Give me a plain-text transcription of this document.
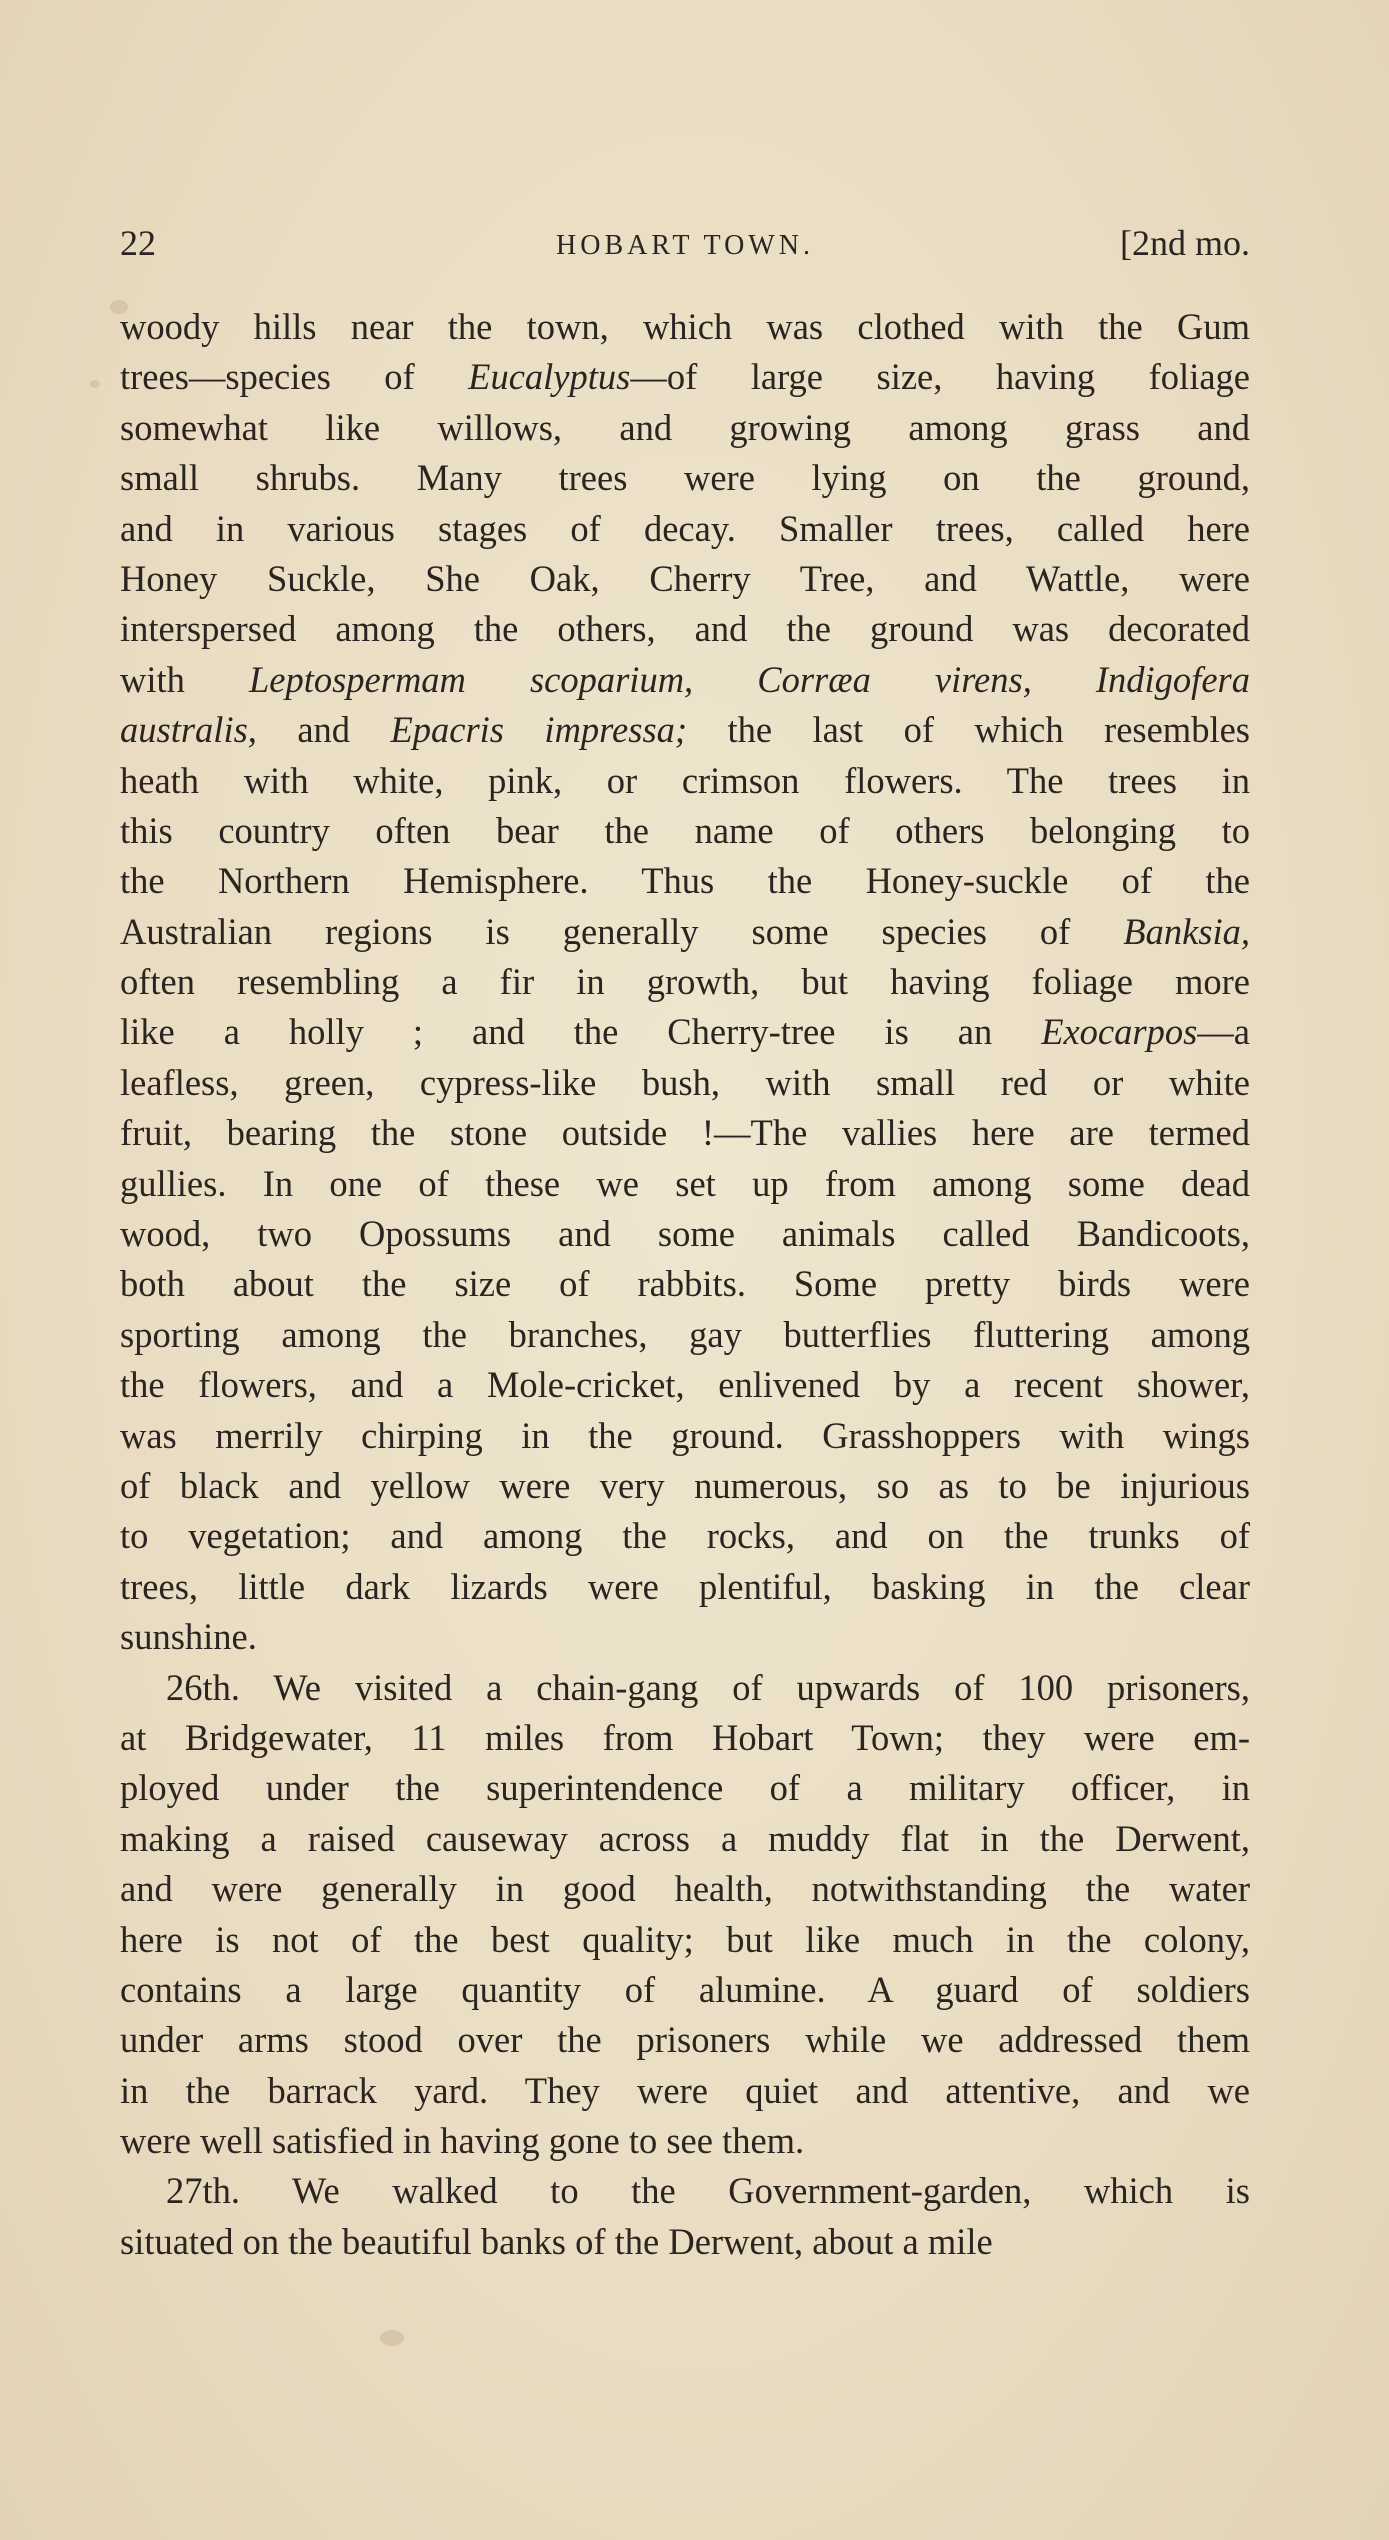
22	HOBART TOWN.	[2nd mo.
woody hills near the town, which was clothed with the Gum
trees—species of Eucalyptus—of large size, having foliage
somewhat like willows, and growing among grass and
small shrubs. Many trees were lying on the ground,
and in various stages of decay. Smaller trees, called here
Honey Suckle, She Oak, Cherry Tree, and Wattle, were
interspersed among the others, and the ground was decorated
with Leptospermam scoparium, Corræa virens, Indigofera
australis, and Epacris impressa; the last of which resembles
heath with white, pink, or crimson flowers. The trees in
this country often bear the name of others belonging to
the Northern Hemisphere. Thus the Honey-suckle of the
Australian regions is generally some species of Banksia,
often resembling a fir in growth, but having foliage more
like a holly ; and the Cherry-tree is an Exocarpos—a
leafless, green, cypress-like bush, with small red or white
fruit, bearing the stone outside !—The vallies here are termed
gullies. In one of these we set up from among some dead
wood, two Opossums and some animals called Bandicoots,
both about the size of rabbits. Some pretty birds were
sporting among the branches, gay butterflies fluttering among
the flowers, and a Mole-cricket, enlivened by a recent shower,
was merrily chirping in the ground. Grasshoppers with wings
of black and yellow were very numerous, so as to be injurious
to vegetation; and among the rocks, and on the trunks of
trees, little dark lizards were plentiful, basking in the clear
sunshine.
26th. We visited a chain-gang of upwards of 100 prisoners,
at Bridgewater, 11 miles from Hobart Town; they were em-
ployed under the superintendence of a military officer, in
making a raised causeway across a muddy flat in the Derwent,
and were generally in good health, notwithstanding the water
here is not of the best quality; but like much in the colony,
contains a large quantity of alumine. A guard of soldiers
under arms stood over the prisoners while we addressed them
in the barrack yard. They were quiet and attentive, and we
were well satisfied in having gone to see them.
27th. We walked to the Government-garden, which is
situated on the beautiful banks of the Derwent, about a mile
